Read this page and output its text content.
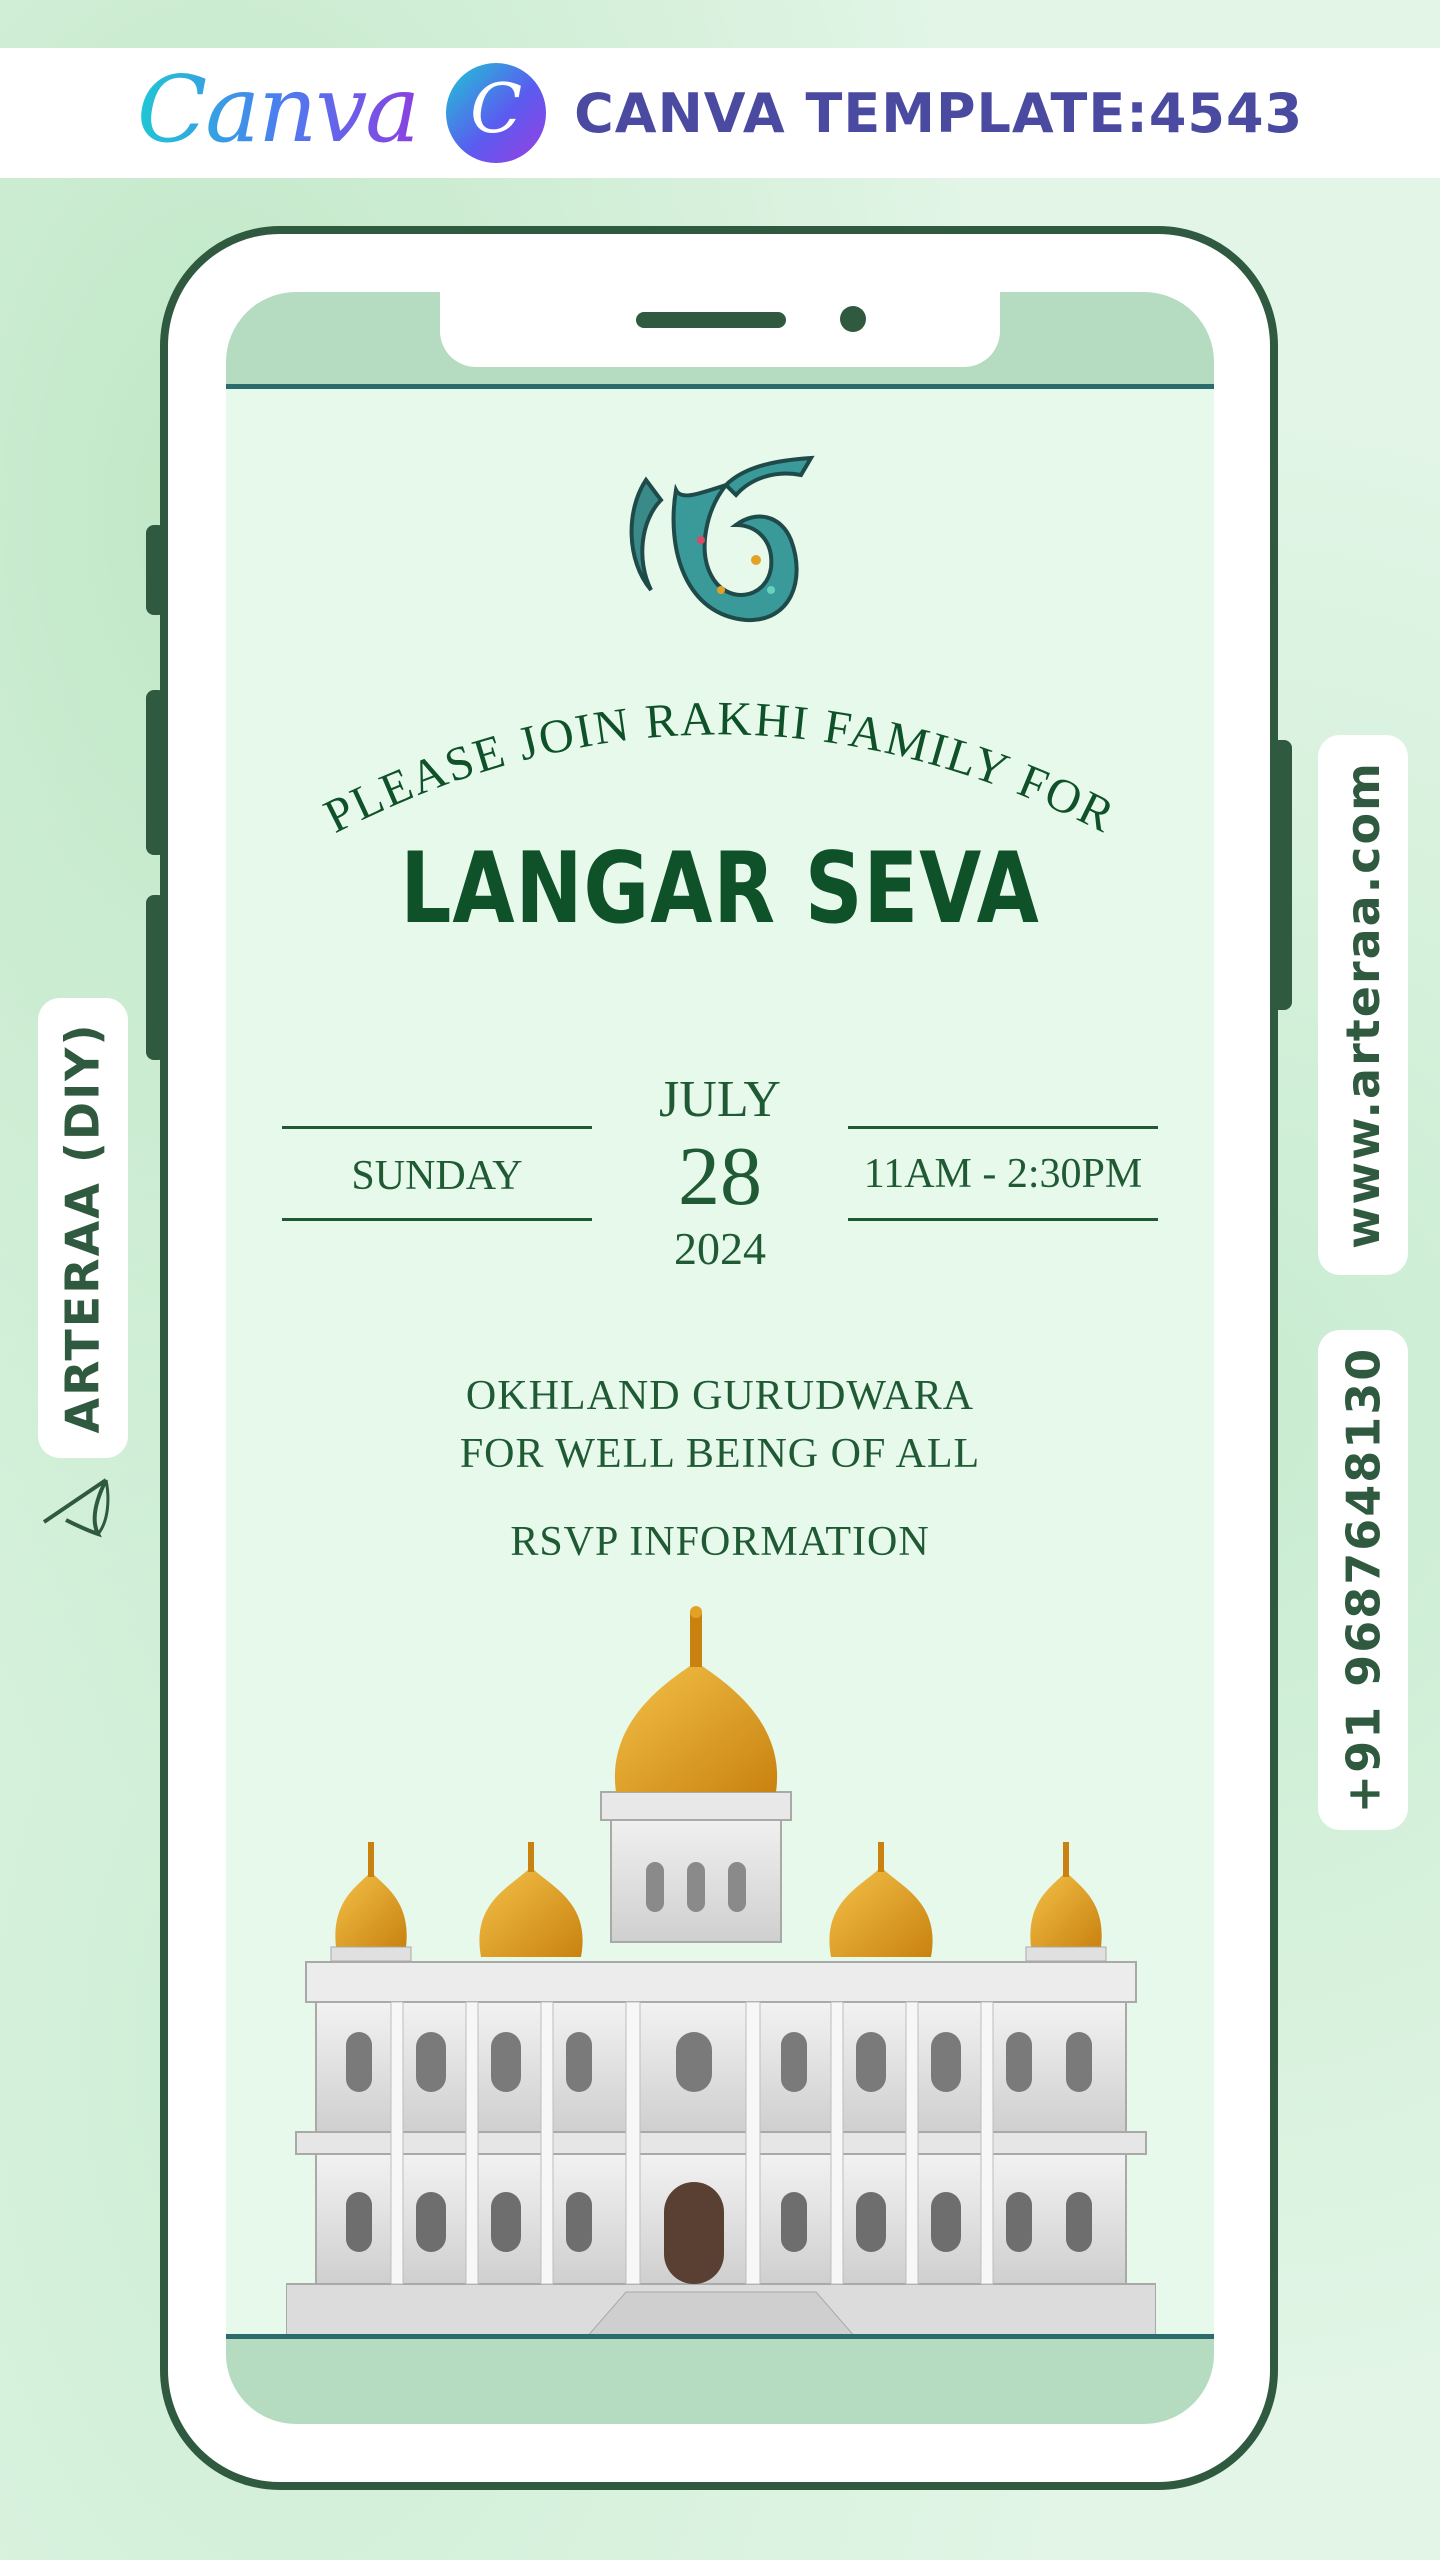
Canva C CANVA TEMPLATE:4543
ARTERAA (DIY)	www.arteraa.com
+91 9687648130
PLEASE JOIN RAKHI FAMILY FOR
LANGAR SEVA
SUNDAY
JULY
28
2024
11AM - 2:30PM
OKHLAND GURUDWARA
FOR WELL BEING OF ALL
RSVP INFORMATION
